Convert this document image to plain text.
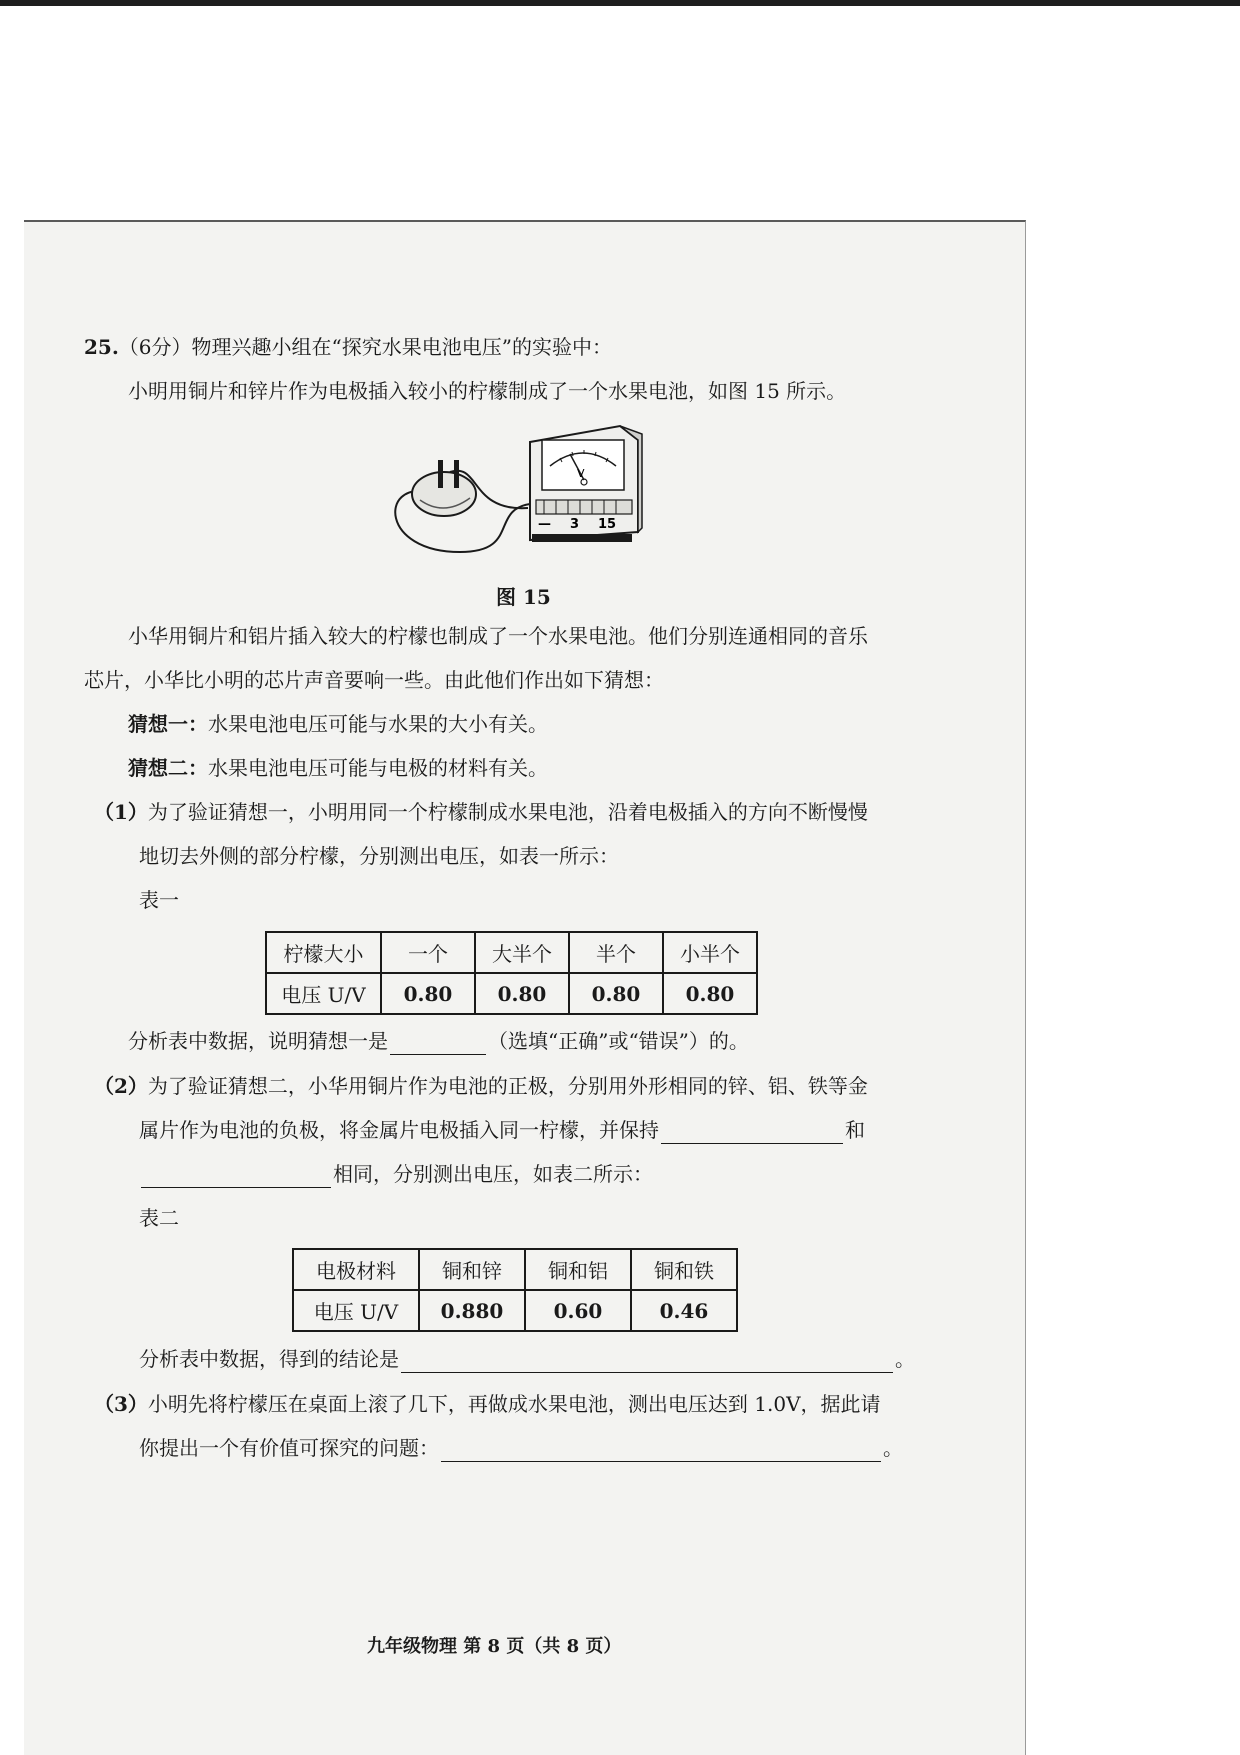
25.（6分）物理兴趣小组在“探究水果电池电压”的实验中：
小明用铜片和锌片作为电极插入较小的柠檬制成了一个水果电池，如图 15 所示。
V
— 3 15
图 15
小华用铜片和铝片插入较大的柠檬也制成了一个水果电池。他们分别连通相同的音乐
芯片，小华比小明的芯片声音要响一些。由此他们作出如下猜想：
猜想一：水果电池电压可能与水果的大小有关。
猜想二：水果电池电压可能与电极的材料有关。
（1）为了验证猜想一，小明用同一个柠檬制成水果电池，沿着电极插入的方向不断慢慢
地切去外侧的部分柠檬，分别测出电压，如表一所示：
表一
柠檬大小	一个	大半个	半个	小半个
电压 U/V	0.80	0.80	0.80	0.80
分析表中数据，说明猜想一是	（选填“正确”或“错误”）的。
（2）为了验证猜想二，小华用铜片作为电池的正极，分别用外形相同的锌、铝、铁等金
属片作为电池的负极，将金属片电极插入同一柠檬，并保持	和
相同，分别测出电压，如表二所示：
表二
电极材料	铜和锌	铜和铝	铜和铁
电压 U/V	0.880	0.60	0.46
分析表中数据，得到的结论是	。
（3）小明先将柠檬压在桌面上滚了几下，再做成水果电池，测出电压达到 1.0V，据此请
你提出一个有价值可探究的问题：	。
九年级物理 第 8 页（共 8 页）
